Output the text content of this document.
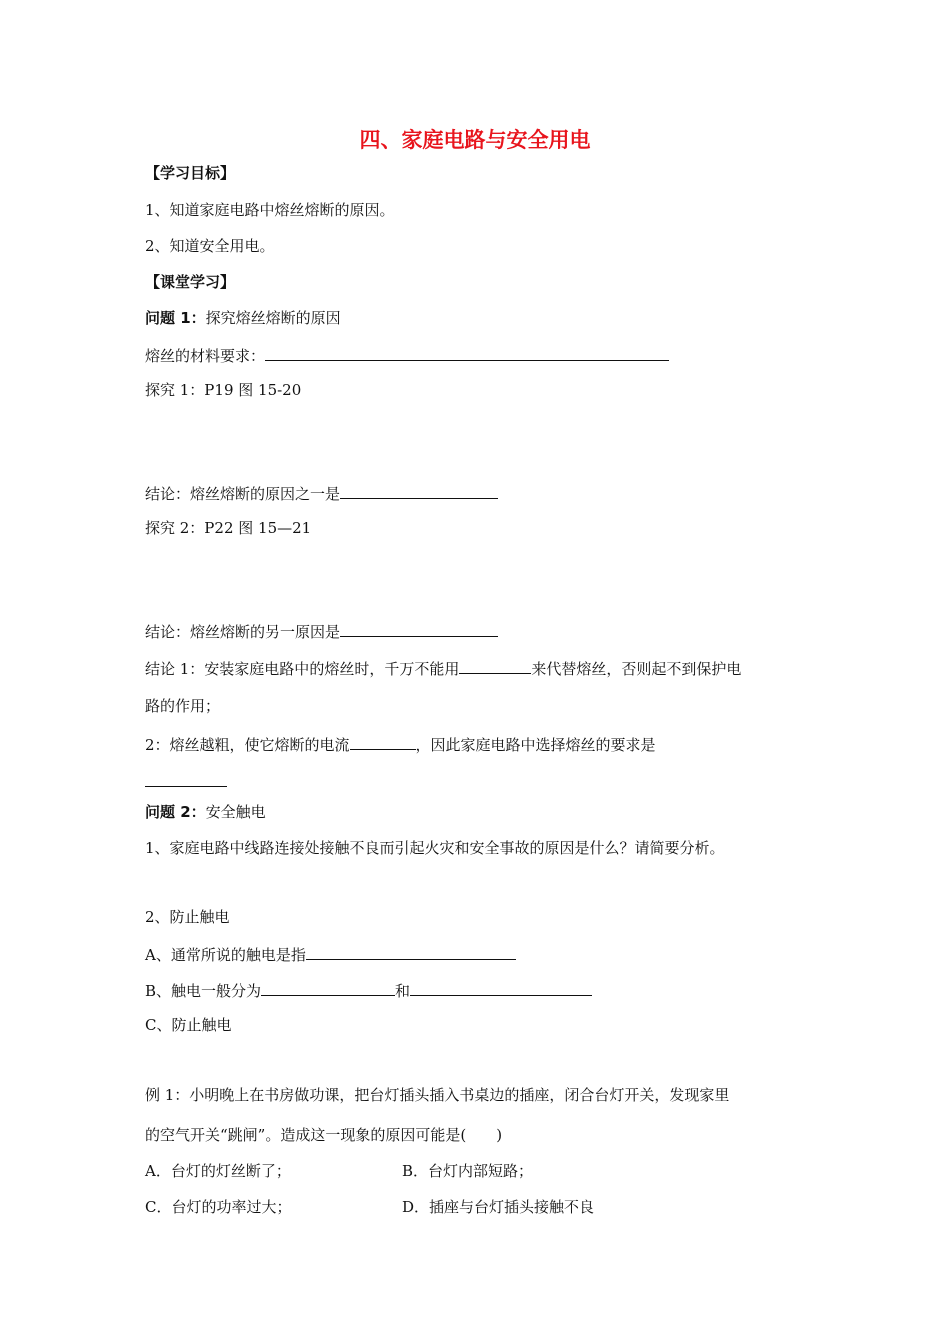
四、家庭电路与安全用电
【学习目标】
1、知道家庭电路中熔丝熔断的原因。
2、知道安全用电。
【课堂学习】
问题 1：探究熔丝熔断的原因
熔丝的材料要求：
探究 1：P19 图 15-20
结论：熔丝熔断的原因之一是
探究 2：P22 图 15—21
结论：熔丝熔断的另一原因是
结论 1：安装家庭电路中的熔丝时，千万不能用	来代替熔丝，否则起不到保护电
路的作用；
2：熔丝越粗，使它熔断的电流	，因此家庭电路中选择熔丝的要求是
问题 2：安全触电
1、家庭电路中线路连接处接触不良而引起火灾和安全事故的原因是什么？请简要分析。
2、防止触电
A、通常所说的触电是指
B、触电一般分为	和
C、防止触电
例 1：小明晚上在书房做功课，把台灯插头插入书桌边的插座，闭合台灯开关，发现家里
的空气开关“跳闸”。造成这一现象的原因可能是(　　)
A．台灯的灯丝断了；	B．台灯内部短路；
C．台灯的功率过大；	D．插座与台灯插头接触不良
